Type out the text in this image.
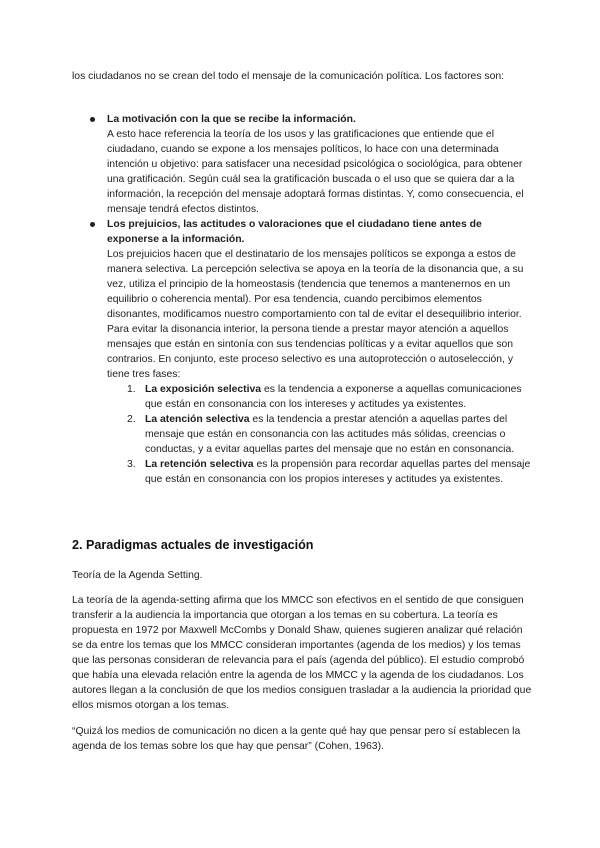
los ciudadanos no se crean del todo el mensaje de la comunicación política. Los factores son:
La motivación con la que se recibe la información.
A esto hace referencia la teoría de los usos y las gratificaciones que entiende que el ciudadano, cuando se expone a los mensajes políticos, lo hace con una determinada intención u objetivo: para satisfacer una necesidad psicológica o sociológica, para obtener una gratificación. Según cuál sea la gratificación buscada o el uso que se quiera dar a la información, la recepción del mensaje adoptará formas distintas. Y, como consecuencia, el mensaje tendrá efectos distintos.
Los prejuicios, las actitudes o valoraciones que el ciudadano tiene antes de exponerse a la información.
Los prejuicios hacen que el destinatario de los mensajes políticos se exponga a estos de manera selectiva. La percepción selectiva se apoya en la teoría de la disonancia que, a su vez, utiliza el principio de la homeostasis (tendencia que tenemos a mantenernos en un equilibrio o coherencia mental). Por esa tendencia, cuando percibimos elementos disonantes, modificamos nuestro comportamiento con tal de evitar el desequilibrio interior. Para evitar la disonancia interior, la persona tiende a prestar mayor atención a aquellos mensajes que están en sintonía con sus tendencias políticas y a evitar aquellos que son contrarios. En conjunto, este proceso selectivo es una autoprotección o autoselección, y tiene tres fases:
1. La exposición selectiva es la tendencia a exponerse a aquellas comunicaciones que están en consonancia con los intereses y actitudes ya existentes.
2. La atención selectiva es la tendencia a prestar atención a aquellas partes del mensaje que están en consonancia con las actitudes más sólidas, creencias o conductas, y a evitar aquellas partes del mensaje que no están en consonancia.
3. La retención selectiva es la propensión para recordar aquellas partes del mensaje que están en consonancia con los propios intereses y actitudes ya existentes.
2. Paradigmas actuales de investigación
Teoría de la Agenda Setting.
La teoría de la agenda-setting afirma que los MMCC son efectivos en el sentido de que consiguen transferir a la audiencia la importancia que otorgan a los temas en su cobertura. La teoría es propuesta en 1972 por Maxwell McCombs y Donald Shaw, quienes sugieren analizar qué relación se da entre los temas que los MMCC consideran importantes (agenda de los medios) y los temas que las personas consideran de relevancia para el país (agenda del público). El estudio comprobó que había una elevada relación entre la agenda de los MMCC y la agenda de los ciudadanos. Los autores llegan a la conclusión de que los medios consiguen trasladar a la audiencia la prioridad que ellos mismos otorgan a los temas.
“Quizá los medios de comunicación no dicen a la gente qué hay que pensar pero sí establecen la agenda de los temas sobre los que hay que pensar” (Cohen, 1963).
